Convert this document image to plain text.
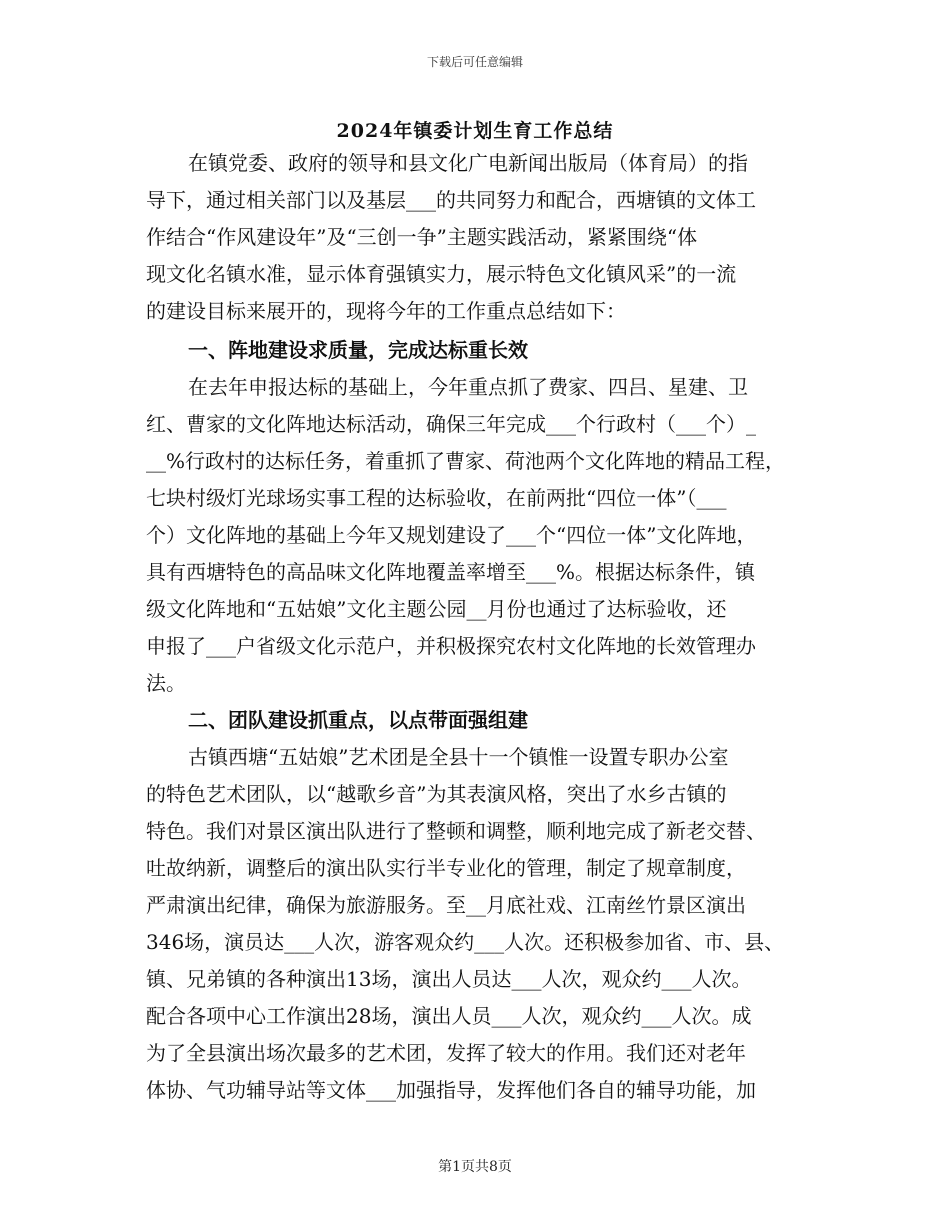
下载后可任意编辑
2024年镇委计划生育工作总结
在镇党委、政府的领导和县文化广电新闻出版局（体育局）的指
导下，通过相关部门以及基层___的共同努力和配合，西塘镇的文体工
作结合“作风建设年”及“三创一争”主题实践活动，紧紧围绕“体
现文化名镇水准，显示体育强镇实力，展示特色文化镇风采”的一流
的建设目标来展开的，现将今年的工作重点总结如下：
一、阵地建设求质量，完成达标重长效
在去年申报达标的基础上，今年重点抓了费家、四吕、星建、卫
红、曹家的文化阵地达标活动，确保三年完成___个行政村（___个）_
__%行政村的达标任务，着重抓了曹家、荷池两个文化阵地的精品工程，
七块村级灯光球场实事工程的达标验收，在前两批“四位一体”（___
个）文化阵地的基础上今年又规划建设了___个“四位一体”文化阵地，
具有西塘特色的高品味文化阵地覆盖率增至___%。根据达标条件，镇
级文化阵地和“五姑娘”文化主题公园__月份也通过了达标验收，还
申报了___户省级文化示范户，并积极探究农村文化阵地的长效管理办
法。
二、团队建设抓重点，以点带面强组建
古镇西塘“五姑娘”艺术团是全县十一个镇惟一设置专职办公室
的特色艺术团队，以“越歌乡音”为其表演风格，突出了水乡古镇的
特色。我们对景区演出队进行了整顿和调整，顺利地完成了新老交替、
吐故纳新，调整后的演出队实行半专业化的管理，制定了规章制度，
严肃演出纪律，确保为旅游服务。至__月底社戏、江南丝竹景区演出
346场，演员达___人次，游客观众约___人次。还积极参加省、市、县、
镇、兄弟镇的各种演出13场，演出人员达___人次，观众约___人次。
配合各项中心工作演出28场，演出人员___人次，观众约___人次。成
为了全县演出场次最多的艺术团，发挥了较大的作用。我们还对老年
体协、气功辅导站等文体___加强指导，发挥他们各自的辅导功能，加
第1页共8页
